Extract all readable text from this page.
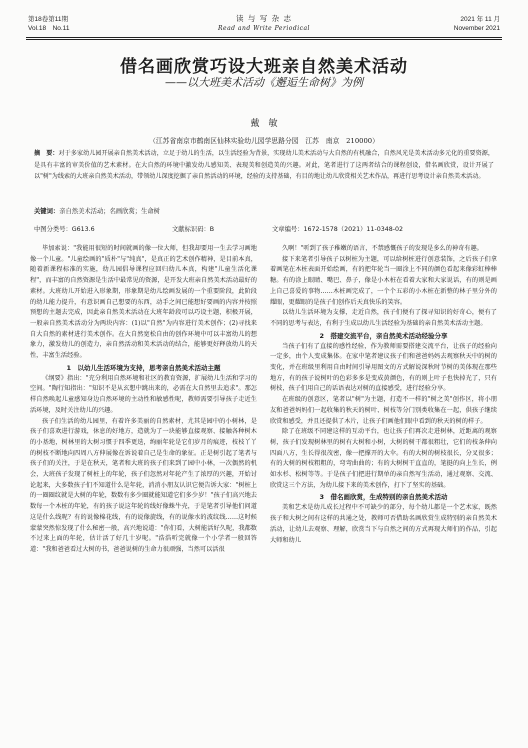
第18卷第11期
Vol.18　No.11
读 与 写 杂 志
Read and Write Periodical
2021 年 11 月
November 2021
借名画欣赏巧设大班亲自然美术活动
——以大班美术活动《邂逅生命树》为例
戴　敏
（江苏省南京市鹤南区仙林实验幼儿园学思路分园　江苏　南京　210000）
摘　要：对于多家幼儿园开展亲自然美术活动，立足于幼儿的生活，以生活经验为背景，实现幼儿美术活动与大自然的有机融合，自然风光是美术活动多元化的重要资源，是具有丰富的审美价值的艺术素材。在大自然的环境中激发幼儿感知美、表现美和创造美的兴趣。对此，笔者进行了这两者结合的课程创设，借名画欣赏，设计开展了以"树"为线索的大班亲自然美术活动，带领幼儿深度挖掘了亲自然活动的环境，经验的支持基础，有目的地让幼儿欣赏相关艺术作品，再进行思考设计亲自然美术活动。
关键词：亲自然美术活动；名画欣赏；生命树
中图分类号：G613.6	文献标识码：B	文章编号：1672-1578（2021）11-0348-02

毕加索说："我能用很短的时间就画的像一位大师，但我却要用一生去学习画地像一个儿童。"儿童绘画的"质朴"与"纯真"，是真正的艺术创作精神，是目前本真，随着新课程标准的实施，幼儿园倡导课程应回归幼儿本真，构建"儿童生活化课程"，而丰富的自然资源是生活中最常见的资源，是开发大班亲自然美术活动最好的素材。大班幼儿开始进入形象期，形象期是幼儿绘画发展的一个重要阶段，此阶段的幼儿能力提升，有意识画自己想要的东西，动手之间已能想好要画的内容并按照预想的主题去完成，因此亲自然美术活动在大班年龄段可以巧设主题，积极开展，一般亲自然美术活动分为两块内容：(1)以"自然"为内容进行美术创作；(2)寻找来自大自然的素材进行美术创作。在大自然宽松自由的创作环境中可以丰富幼儿的想象力，激发幼儿的创造力，亲自然活动和美术活动的结合，能够更好释放幼儿的天性，丰富生活经验。

1　以幼儿生活环境为支持，思考亲自然美术活动主题

《纲要》指出："充分利用自然环境和社区的教育资源，扩展幼儿生活和学习的空间。"陶行知指出："知识不是从玄想中跳出来的，必需在大自然里去追求"。那怎样自然唤起儿童感知身边自然环境的主动性和敏感性呢，教师需要引导孩子走近生活环境，及时关注幼儿的兴趣。

孩子们生活的幼儿园里，有着许多美丽的自然素材，尤其是园中的小树林，是孩子们喜欢进行游戏，休息的好地方，造就为了一块能够直接观察、接触各种树木的小基地，树林里的大树习惯于四季更迭，绚丽年轮是它们岁月的痕迹，枝枝丫丫的树枝不断地向四周八方伸展像在诉说着自己是生命的象征。正是树引起了笔者与孩子们的关注，于是在秋天，笔者和大班的孩子们来到了园中小林，一次偶然的机会，大班孩子发现了树桩上的年轮，孩子们忽然对年轮产生了浓厚的兴趣，开始讨论起来，大多数孩子们不知道什么是年轮，消消小朋友认识它便告诉大家："树桩上的一圈圈纹就是大树的年轮，数数有多少圈就能知道它们多少岁！"孩子们高兴地去数每一个木桩的年轮，有的孩子说这年轮的线好像蛛牛壳，于是笔者引导他们问道这是什么线呢？有的说像棉花线，有的说像旋线，有的说像水的波纹线……这时候蒙蒙突然惊发现了什么秘密一般，高兴地说道："你们看，大树能活好久呢，我都数不过来上面的年轮，估计活了好几十岁呢。"浩浩听完就像一个小学者一般回答道："我和爸爸看过大树的书，爸爸说树的生命力很顽强，当然可以活很

久啊！"听到了孩子稚嫩的语言，不禁感慨孩子的发现是多么的神奇有趣。

接下来笔者引导孩子以树桩为主题，可以给树桩进行创意装饰，之后孩子们拿着画笔在木桩表面开始绘画，有的把年轮当一圈涂上不同的颜色看起来像彩虹棒棒糖。有的涂上眼睛、嘴巴、鼻子，像是小木桩在看着大家和大家说话，有的则是画上自己喜爱的事物……木桩画完成了，一个个五彩的小木桩在新整的林子里分外的耀眼，更耀眼的是孩子们创作后天真快乐的笑容。

以幼儿生活环境为支撑，走近自然，孩子们便有了探寻知识的好奇心，便有了不同的思考与表达，有利于生成以幼儿生活经验为基础的亲自然美术活动主题。

2　搭建交流平台，亲自然美术活动经验分享

当孩子们有了直接的感性经验，作为教师需要搭建交流平台，让孩子的经验向一定多，由个人变成集体。在家中笔者建议孩子们和爸爸妈妈去观察秋天中的树的变化，并在班级里利用自由时间引导用图文的方式解说深秋时节树的美体现在那些地方，有的孩子说树叶的色彩多多是变成黄颜色，有的则上叶子也快掉光了，只有树枝，孩子们用自己的话语表达对树的直接感受，进行经验分享。

在班级的创意区，笔者以"树"为主题，打造不一样的"树之美"创作区，将小朋友和爸爸妈妈们一起收集的秋天的树叶、树枝等分门别类收集在一起，供孩子继续欣赏和感受，并且还提供了木片，让孩子们画他们眼中看到的秋天的树的样子。

除了在班级不同建这样的互动平台，也让孩子们再次走进树林，近距离的观察树，孩子们发现树林里的树有大树和小树，大树的树干都很粗壮，它们的枝条伸向四面八方，生长得很茂密，像一把撑开的大伞。有的大树的树枝很长，分叉很多；有的大树的树枝粗粗的，弯弯曲曲的；有的大树树干直直的，笔挺的向上生长，例如水杉、松树等等。于是孩子们把进行期单的亲自然写生活动，通过观察、交流、欣赏这三个方法，为幼儿接下来的美术创作，打下了坚实的基础。

3　借名画欣赏，生成特别的亲自然美术活动

美和艺术是幼儿成长过程中不可缺少的部分，每个幼儿都是一个艺术家，既然孩子和大树之间有这样的共通之处，教师可否借助名画欣赏生成特别的亲自然美术活动，让幼儿去观察、理解，欣赏当下与自然之间的方式再现大师们的作品，引起大师和幼儿
